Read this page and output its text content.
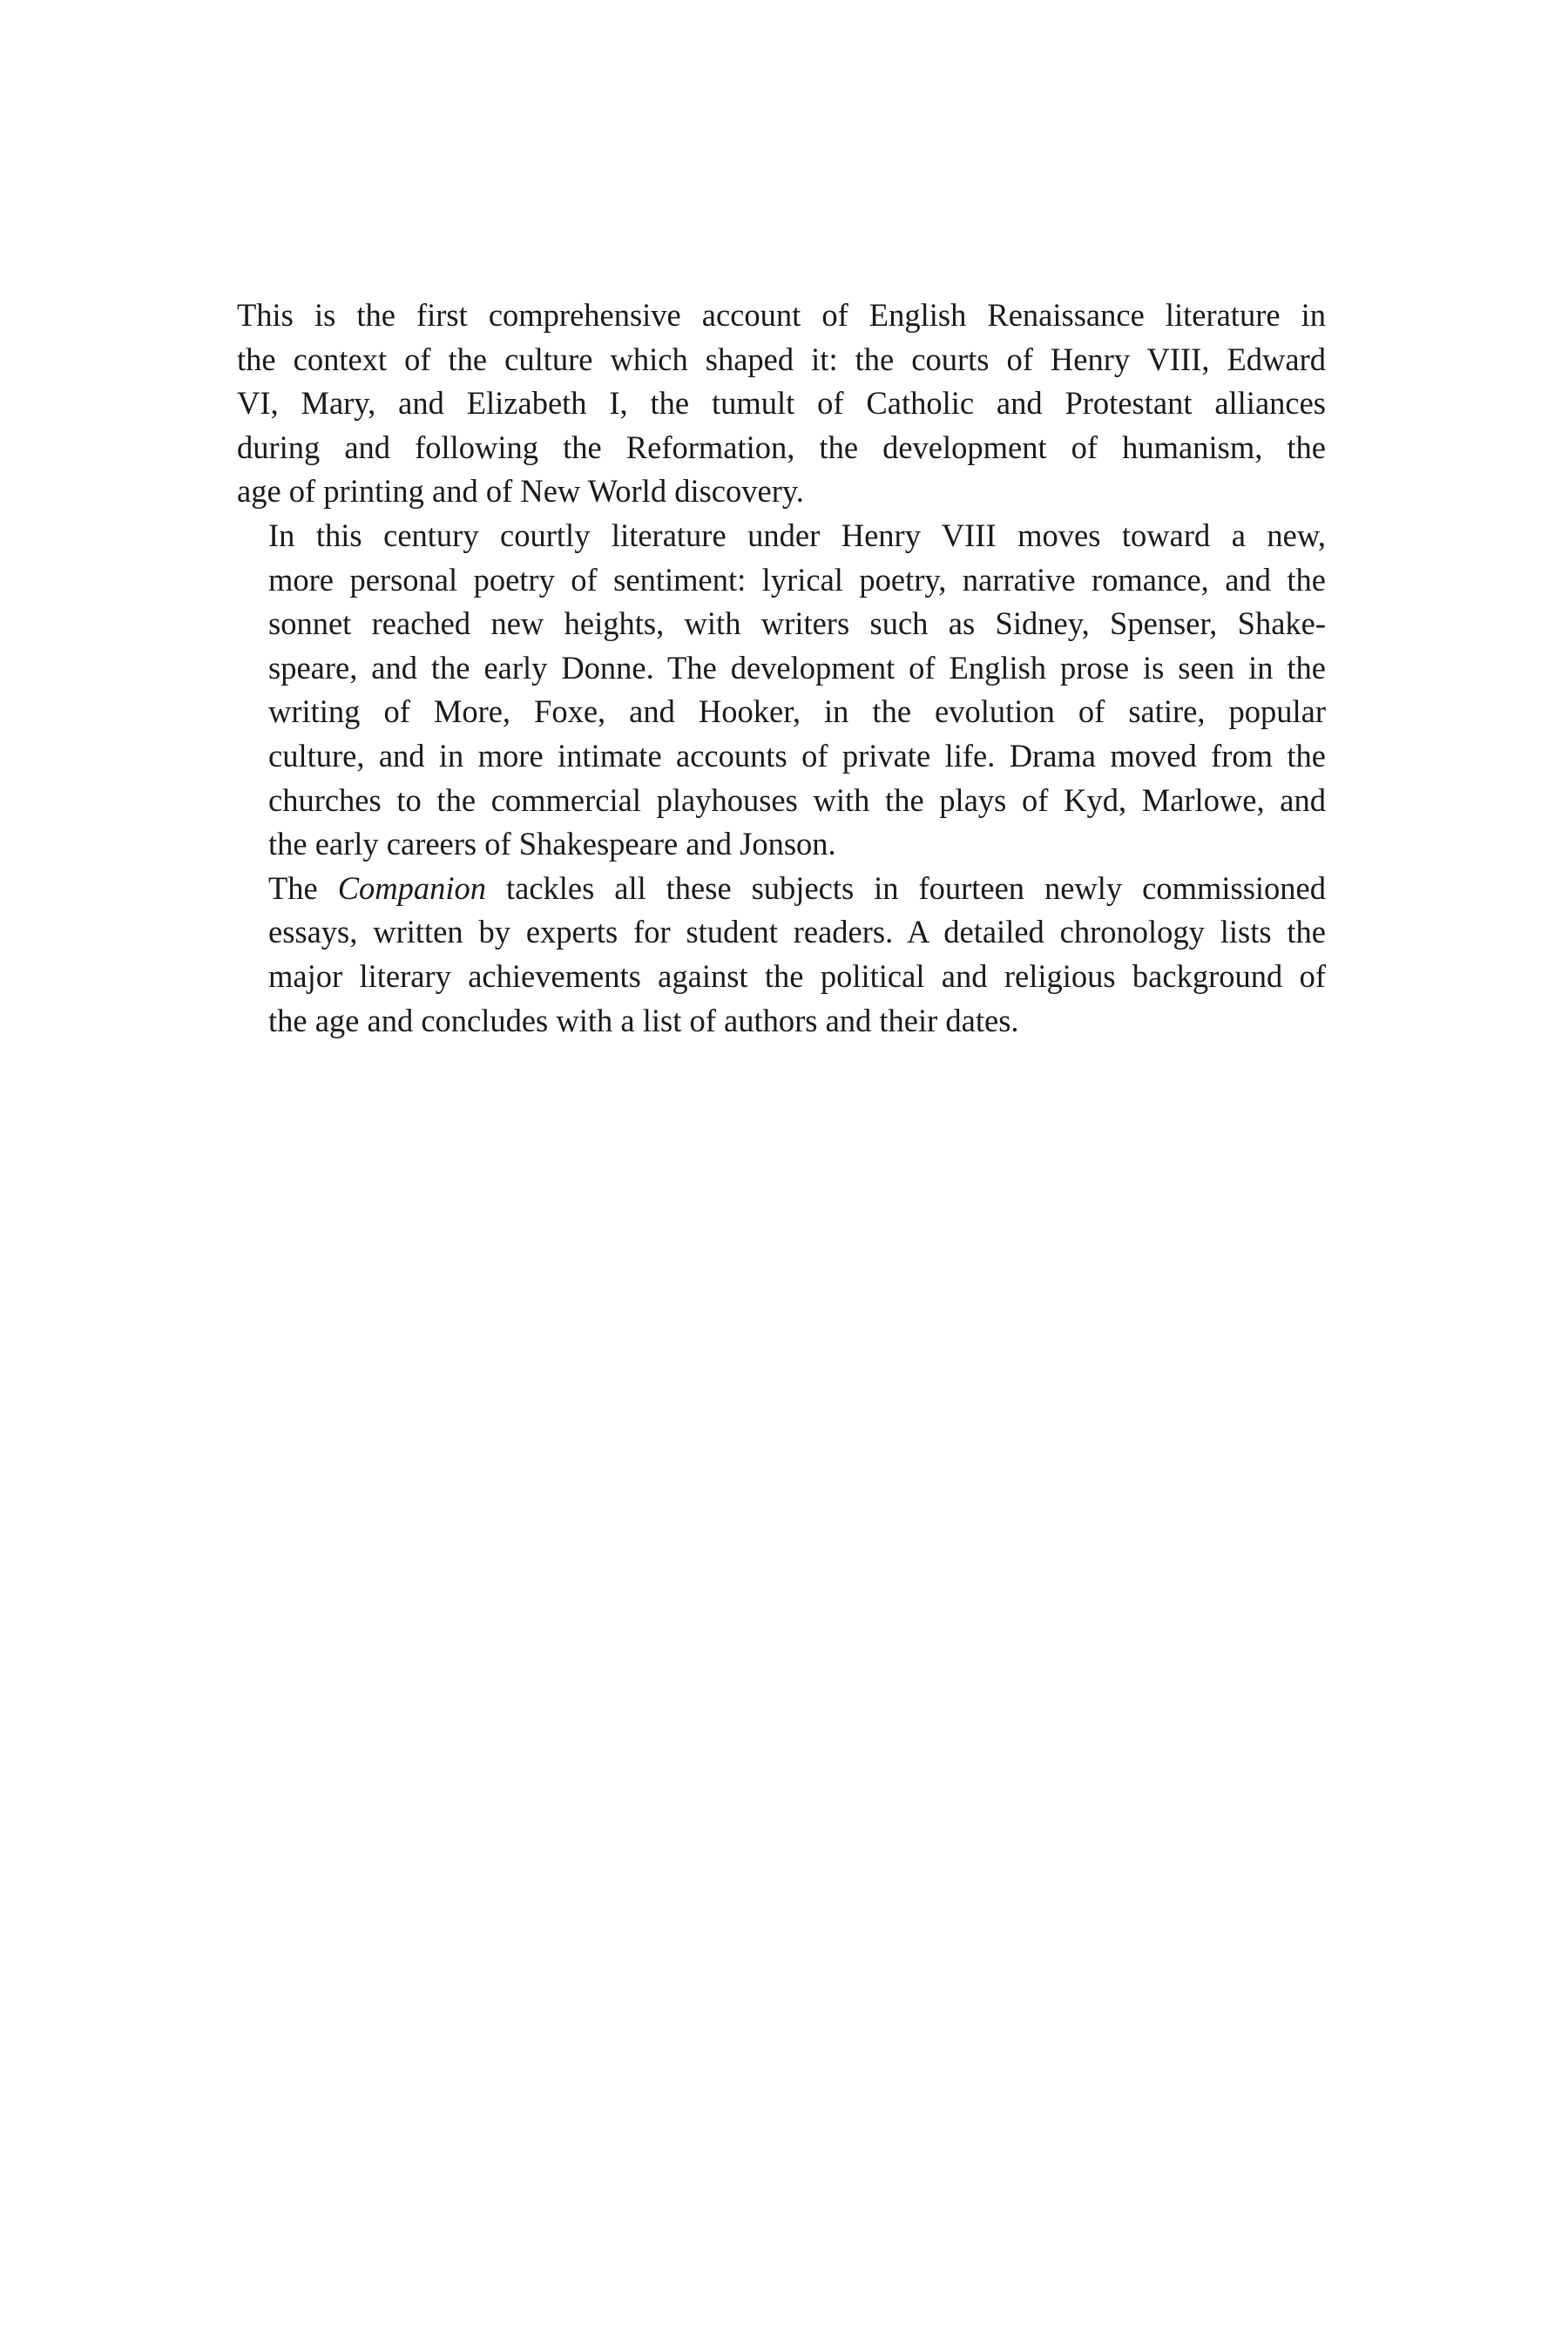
This is the first comprehensive account of English Renaissance literature in
the context of the culture which shaped it: the courts of Henry VIII, Edward
VI, Mary, and Elizabeth I, the tumult of Catholic and Protestant alliances
during and following the Reformation, the development of humanism, the
age of printing and of New World discovery.

In this century courtly literature under Henry VIII moves toward a new,
more personal poetry of sentiment: lyrical poetry, narrative romance, and the
sonnet reached new heights, with writers such as Sidney, Spenser, Shake-
speare, and the early Donne. The development of English prose is seen in the
writing of More, Foxe, and Hooker, in the evolution of satire, popular
culture, and in more intimate accounts of private life. Drama moved from the
churches to the commercial playhouses with the plays of Kyd, Marlowe, and
the early careers of Shakespeare and Jonson.

The Companion tackles all these subjects in fourteen newly commissioned
essays, written by experts for student readers. A detailed chronology lists the
major literary achievements against the political and religious background of
the age and concludes with a list of authors and their dates.
